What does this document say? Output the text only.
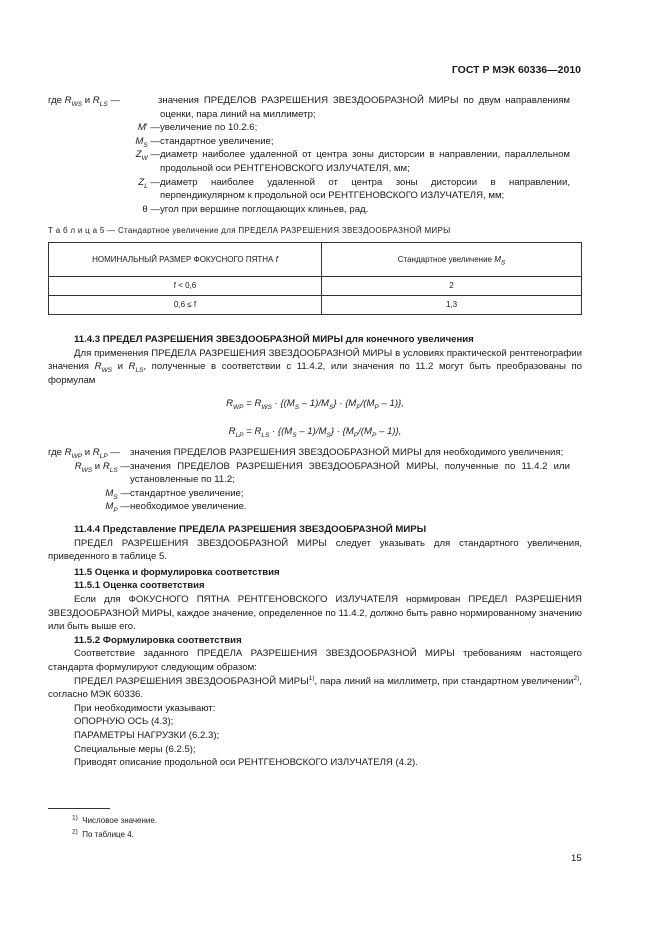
ГОСТ Р МЭК 60336—2010
где $R_{WS}$ и $R_{LS}$ —	значения ПРЕДЕЛОВ РАЗРЕШЕНИЯ ЗВЕЗДООБРАЗНОЙ МИРЫ по двум направлениям оценки, пара линий на миллиметр;
M' — увеличение по 10.2.6;
$M_S$ — стандартное увеличение;
$Z_W$ — диаметр наиболее удаленной от центра зоны дисторсии в направлении, параллельном продольной оси РЕНТГЕНОВСКОГО ИЗЛУЧАТЕЛЯ, мм;
$Z_L$ — диаметр наиболее удаленной от центра зоны дисторсии в направлении, перпендикулярном к продольной оси РЕНТГЕНОВСКОГО ИЗЛУЧАТЕЛЯ, мм;
θ — угол при вершине поглощающих клиньев, рад.
Т а б л и ц а 5 — Стандартное увеличение для ПРЕДЕЛА РАЗРЕШЕНИЯ ЗВЕЗДООБРАЗНОЙ МИРЫ
НОМИНАЛЬНЫЙ РАЗМЕР ФОКУСНОГО ПЯТНА f	Стандартное увеличение $M_S$
f < 0,6	2
0,6 ≤ f	1,3
11.4.3 ПРЕДЕЛ РАЗРЕШЕНИЯ ЗВЕЗДООБРАЗНОЙ МИРЫ для конечного увеличения
Для применения ПРЕДЕЛА РАЗРЕШЕНИЯ ЗВЕЗДООБРАЗНОЙ МИРЫ в условиях практической рентгенографии значения $R_{WS}$ и $R_{LS}$, полученные в соответствии с 11.4.2, или значения по 11.2 могут быть преобразованы по формулам
$R_{WP} = R_{WS} \cdot \{(M_S - 1)/M_S\} \cdot \{M_P/(M_P - 1)\}$,
$R_{LP} = R_{LS} \cdot \{(M_S - 1)/M_S\} \cdot \{M_P/(M_P - 1)\}$,
где $R_{WP}$ и $R_{LP}$ —	значения ПРЕДЕЛОВ РАЗРЕШЕНИЯ ЗВЕЗДООБРАЗНОЙ МИРЫ для необходимого увеличения;
$R_{WS}$ и $R_{LS}$ — значения ПРЕДЕЛОВ РАЗРЕШЕНИЯ ЗВЕЗДООБРАЗНОЙ МИРЫ, полученные по 11.4.2 или установленные по 11.2;
$M_S$ — стандартное увеличение;
$M_P$ — необходимое увеличение.
11.4.4 Представление ПРЕДЕЛА РАЗРЕШЕНИЯ ЗВЕЗДООБРАЗНОЙ МИРЫ
ПРЕДЕЛ РАЗРЕШЕНИЯ ЗВЕЗДООБРАЗНОЙ МИРЫ следует указывать для стандартного увеличения, приведенного в таблице 5.
11.5 Оценка и формулировка соответствия
11.5.1 Оценка соответствия
Если для ФОКУСНОГО ПЯТНА РЕНТГЕНОВСКОГО ИЗЛУЧАТЕЛЯ нормирован ПРЕДЕЛ РАЗРЕШЕНИЯ ЗВЕЗДООБРАЗНОЙ МИРЫ, каждое значение, определенное по 11.4.2, должно быть равно нормированному значению или быть выше его.
11.5.2 Формулировка соответствия
Соответствие заданного ПРЕДЕЛА РАЗРЕШЕНИЯ ЗВЕЗДООБРАЗНОЙ МИРЫ требованиям настоящего стандарта формулируют следующим образом:
ПРЕДЕЛ РАЗРЕШЕНИЯ ЗВЕЗДООБРАЗНОЙ МИРЫ$^{1)}$, пара линий на миллиметр, при стандартном увеличении$^{2)}$, согласно МЭК 60336.
При необходимости указывают:
ОПОРНУЮ ОСЬ (4.3);
ПАРАМЕТРЫ НАГРУЗКИ (6.2.3);
Специальные меры (6.2.5);
Приводят описание продольной оси РЕНТГЕНОВСКОГО ИЗЛУЧАТЕЛЯ (4.2).
$^{1)}$ Числовое значение.
$^{2)}$ По таблице 4.
15
